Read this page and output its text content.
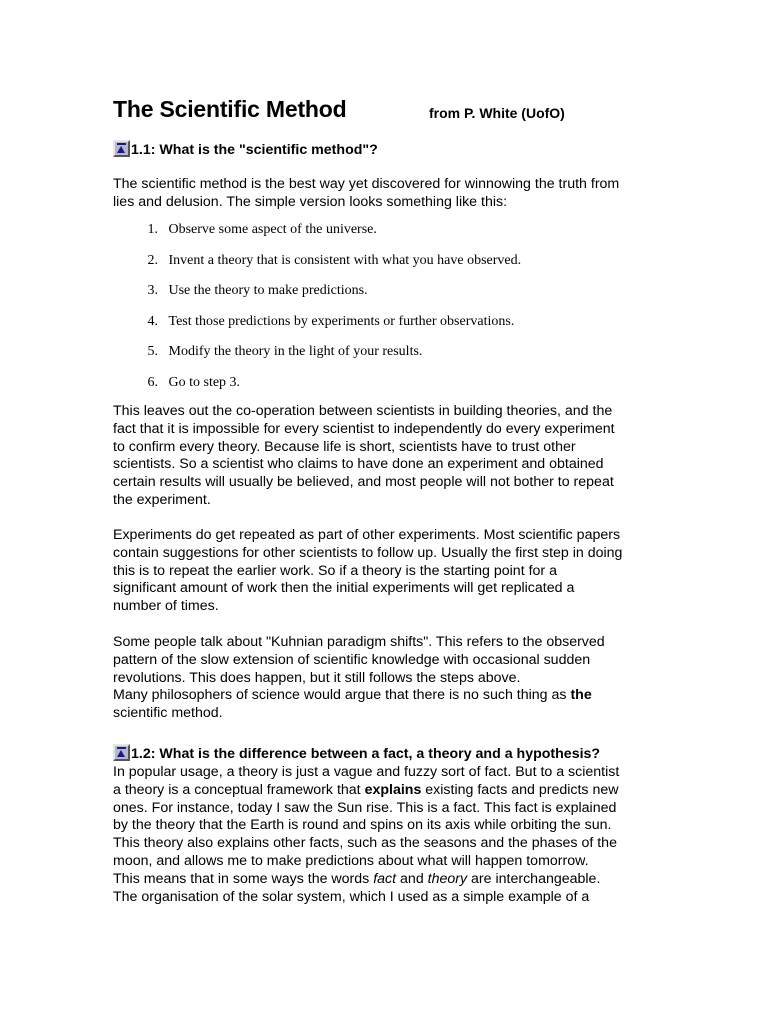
The Scientific Method	from P. White (UofO)
1.1: What is the "scientific method"?
The scientific method is the best way yet discovered for winnowing the truth from
lies and delusion. The simple version looks something like this:
1. Observe some aspect of the universe.
2. Invent a theory that is consistent with what you have observed.
3. Use the theory to make predictions.
4. Test those predictions by experiments or further observations.
5. Modify the theory in the light of your results.
6. Go to step 3.
This leaves out the co-operation between scientists in building theories, and the
fact that it is impossible for every scientist to independently do every experiment
to confirm every theory. Because life is short, scientists have to trust other
scientists. So a scientist who claims to have done an experiment and obtained
certain results will usually be believed, and most people will not bother to repeat
the experiment.
Experiments do get repeated as part of other experiments. Most scientific papers
contain suggestions for other scientists to follow up. Usually the first step in doing
this is to repeat the earlier work. So if a theory is the starting point for a
significant amount of work then the initial experiments will get replicated a
number of times.
Some people talk about "Kuhnian paradigm shifts". This refers to the observed
pattern of the slow extension of scientific knowledge with occasional sudden
revolutions. This does happen, but it still follows the steps above.
Many philosophers of science would argue that there is no such thing as the
scientific method.
1.2: What is the difference between a fact, a theory and a hypothesis?
In popular usage, a theory is just a vague and fuzzy sort of fact. But to a scientist
a theory is a conceptual framework that explains existing facts and predicts new
ones. For instance, today I saw the Sun rise. This is a fact. This fact is explained
by the theory that the Earth is round and spins on its axis while orbiting the sun.
This theory also explains other facts, such as the seasons and the phases of the
moon, and allows me to make predictions about what will happen tomorrow.
This means that in some ways the words fact and theory are interchangeable.
The organisation of the solar system, which I used as a simple example of a
